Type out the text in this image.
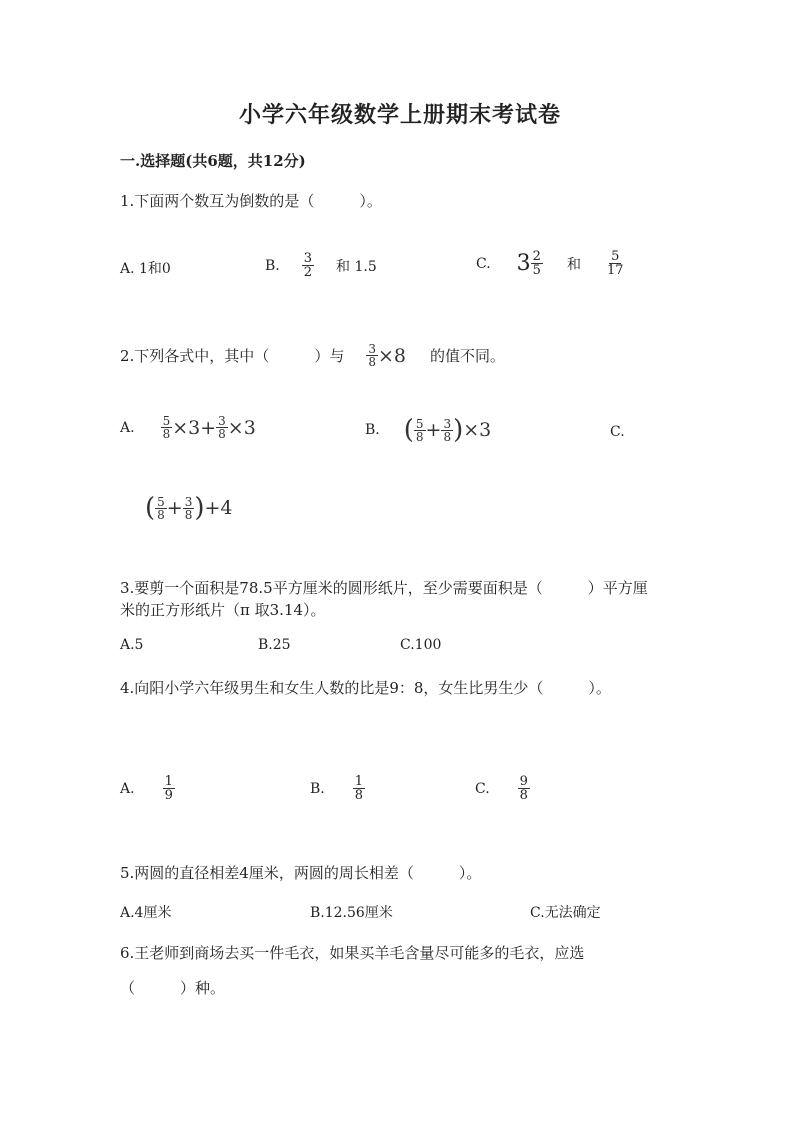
小学六年级数学上册期末考试卷
一.选择题(共6题，共12分)
1.下面两个数互为倒数的是（　　　）。
A. 1和0	B. $\frac{3}{2}$ 和 1.5	C. $3 \frac{2}{5}$ 和 $\frac{5}{17}$
2.下列各式中，其中（　　　）与 $\frac{3}{8} \times 8$ 的值不同。
A. $\frac{5}{8} \times 3 + \frac{3}{8} \times 3$	B. ( $\frac{5}{8} + \frac{3}{8}$ ) ×3	C.
( $\frac{5}{8} + \frac{3}{8}$ ) +4
3.要剪一个面积是78.5平方厘米的圆形纸片，至少需要面积是（　　　）平方厘
米的正方形纸片（π 取3.14）。
A.5	B.25	C.100
4.向阳小学六年级男生和女生人数的比是9：8，女生比男生少（　　　）。
A. $\frac{1}{9}$	B. $\frac{1}{8}$	C. $\frac{9}{8}$
5.两圆的直径相差4厘米，两圆的周长相差（　　　）。
A.4厘米	B.12.56厘米	C.无法确定
6.王老师到商场去买一件毛衣，如果买羊毛含量尽可能多的毛衣，应选
（　　　）种。
